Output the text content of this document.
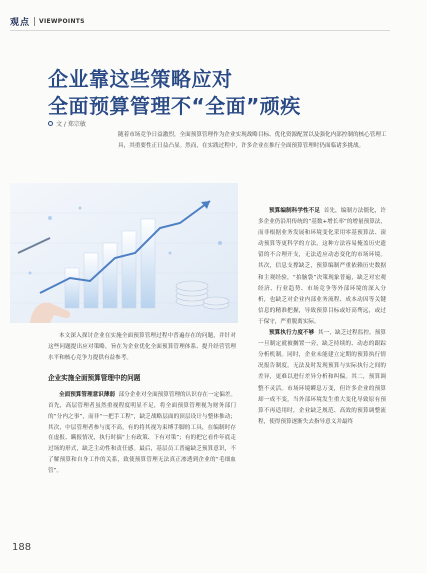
观点 VIEWPOINTS
企业靠这些策略应对
全面预算管理不“全面”顽疾
文 / 郑宗敏

随着市场竞争日益激烈，全面预算管理作为企业实现战略目标、优化资源配置以及强化内部控制的核心管理工具，其重要性正日益凸显。然而，在实践过程中，许多企业在推行全面预算管理时仍面临诸多挑战。

本文深入探讨企业在实施全面预算管理过程中普遍存在的问题，并针对这些问题提出应对策略，旨在为企业优化全面预算管理体系、提升经营管理水平和核心竞争力提供有益参考。

企业实施全面预算管理中的问题

全面预算管理意识薄弱 部分企业对全面预算管理的认识存在一定偏差。首先，高层管理者虽然重视程度明显不足，将全面预算管理视为财务部门的“分内之事”，而非“一把手工程”，缺乏战略层面的顶层设计与整体推动；其次，中层管理者参与度不高，有的将其视为束缚手脚的工具，在编制时存在虚报、瞒报情况，执行时搞“上有政策、下有对策”；有的把它看作年底走过场的形式，缺乏主动性和责任感。最后，基层员工普遍缺乏预算意识，不了解预算和自身工作的关系，致使预算管理无法真正渗透到企业的“毛细血管”。

预算编制科学性不足 首先，编制方法僵化，许多企业仍沿用传统的“基数+增长率”的增量预算法，而非根据业务发展和环境变化采用零基预算法、滚动预算等更科学的方法，这种方法容易掩盖历史遗留的不合理开支，无法适应动态变化的市场环境。其次，信息支撑缺乏，预算编制严重依赖历史数据和主观经验，“拍脑袋”决策现象普遍，缺乏对宏观经济、行业趋势、市场竞争等外部环境的深入分析，也缺乏对企业内部业务流程、成本动因等关键信息的精准把握，导致预算目标或好高骛远，或过于保守，严重脱离实际。

预算执行力度不够 其一，缺乏过程监控。预算一旦制定就被搁置一旁，缺乏持续的、动态的跟踪分析机制。同时，企业未能建立定期的预算执行情况报告制度，无法及时发现预算与实际执行之间的差异，更难以进行差异分析和纠偏。其二，预算调整不灵活。市场环境瞬息万变，但许多企业的预算却一成不变，当外部环境发生重大变化导致原有预算不再适用时，企业缺乏规范、高效的预算调整流程，使得预算逐渐失去指导意义并最终

188
